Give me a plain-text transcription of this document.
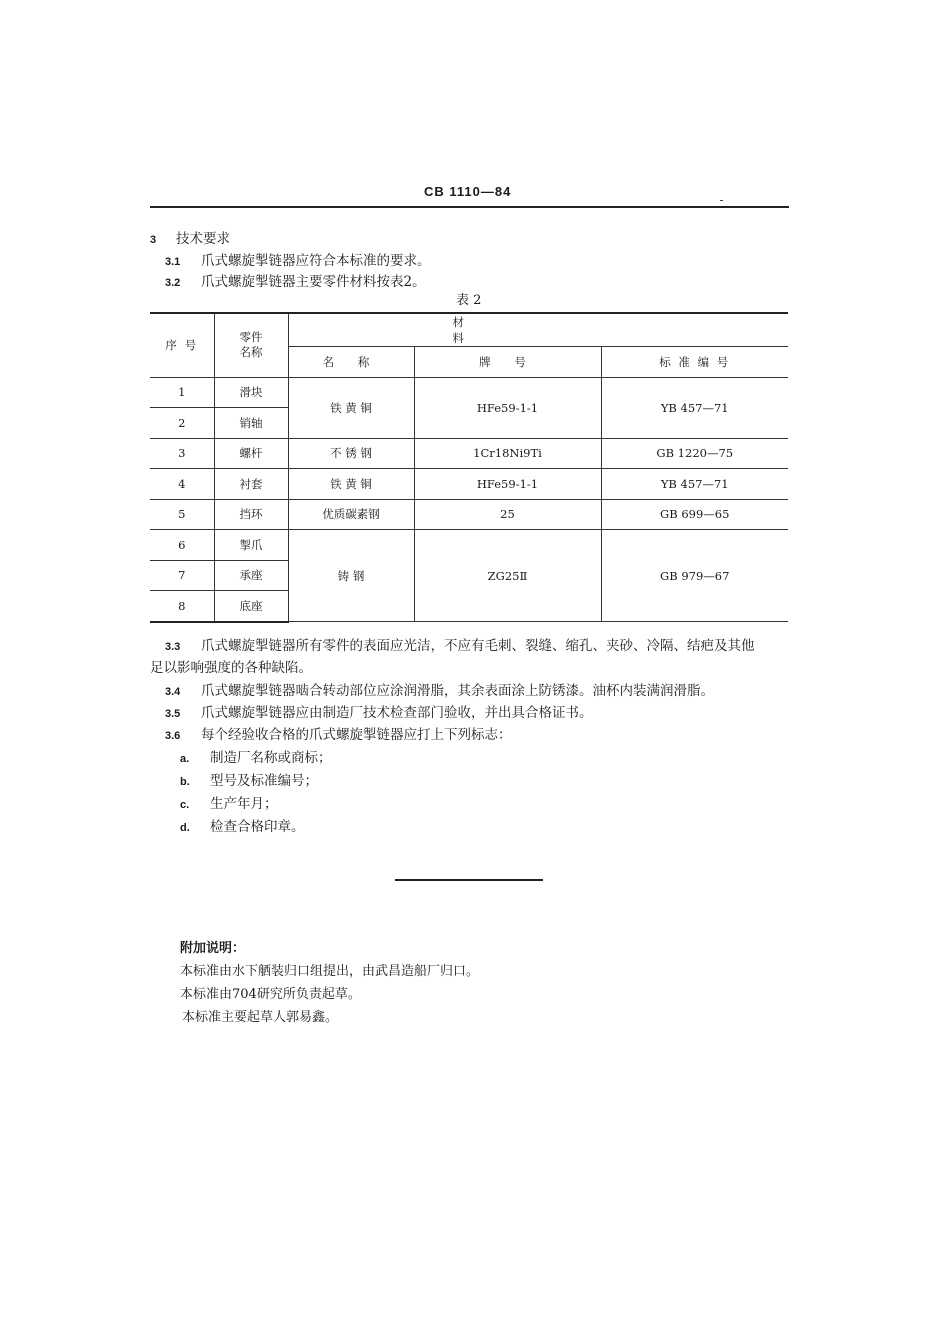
CB 1110—84
3 技术要求
3.1 爪式螺旋掣链器应符合本标准的要求。
3.2 爪式螺旋掣链器主要零件材料按表2。
表 2
序 号	零件
名称	材 料		
		名 称	牌 号	标 准 编 号
1	滑块	铁 黄 铜	HFe59-1-1	YB 457—71
2	销轴			
3	螺杆	不 锈 钢	1Cr18Ni9Ti	GB 1220—75
4	衬套	铁 黄 铜	HFe59-1-1	YB 457—71
5	挡环	优质碳素钢	25	GB 699—65
6	掣爪	铸 钢	ZG25Ⅱ	GB 979—67
7	承座			
8	底座			
3.3 爪式螺旋掣链器所有零件的表面应光洁，不应有毛刺、裂缝、缩孔、夹砂、冷隔、结疤及其他
足以影响强度的各种缺陷。
3.4 爪式螺旋掣链器啮合转动部位应涂润滑脂，其余表面涂上防锈漆。油杯内装满润滑脂。
3.5 爪式螺旋掣链器应由制造厂技术检查部门验收，并出具合格证书。
3.6 每个经验收合格的爪式螺旋掣链器应打上下列标志：
a. 制造厂名称或商标；
b. 型号及标准编号；
c. 生产年月；
d. 检查合格印章。
附加说明：
本标准由水下舾装归口组提出，由武昌造船厂归口。
本标准由704研究所负责起草。
本标准主要起草人郭易鑫。
